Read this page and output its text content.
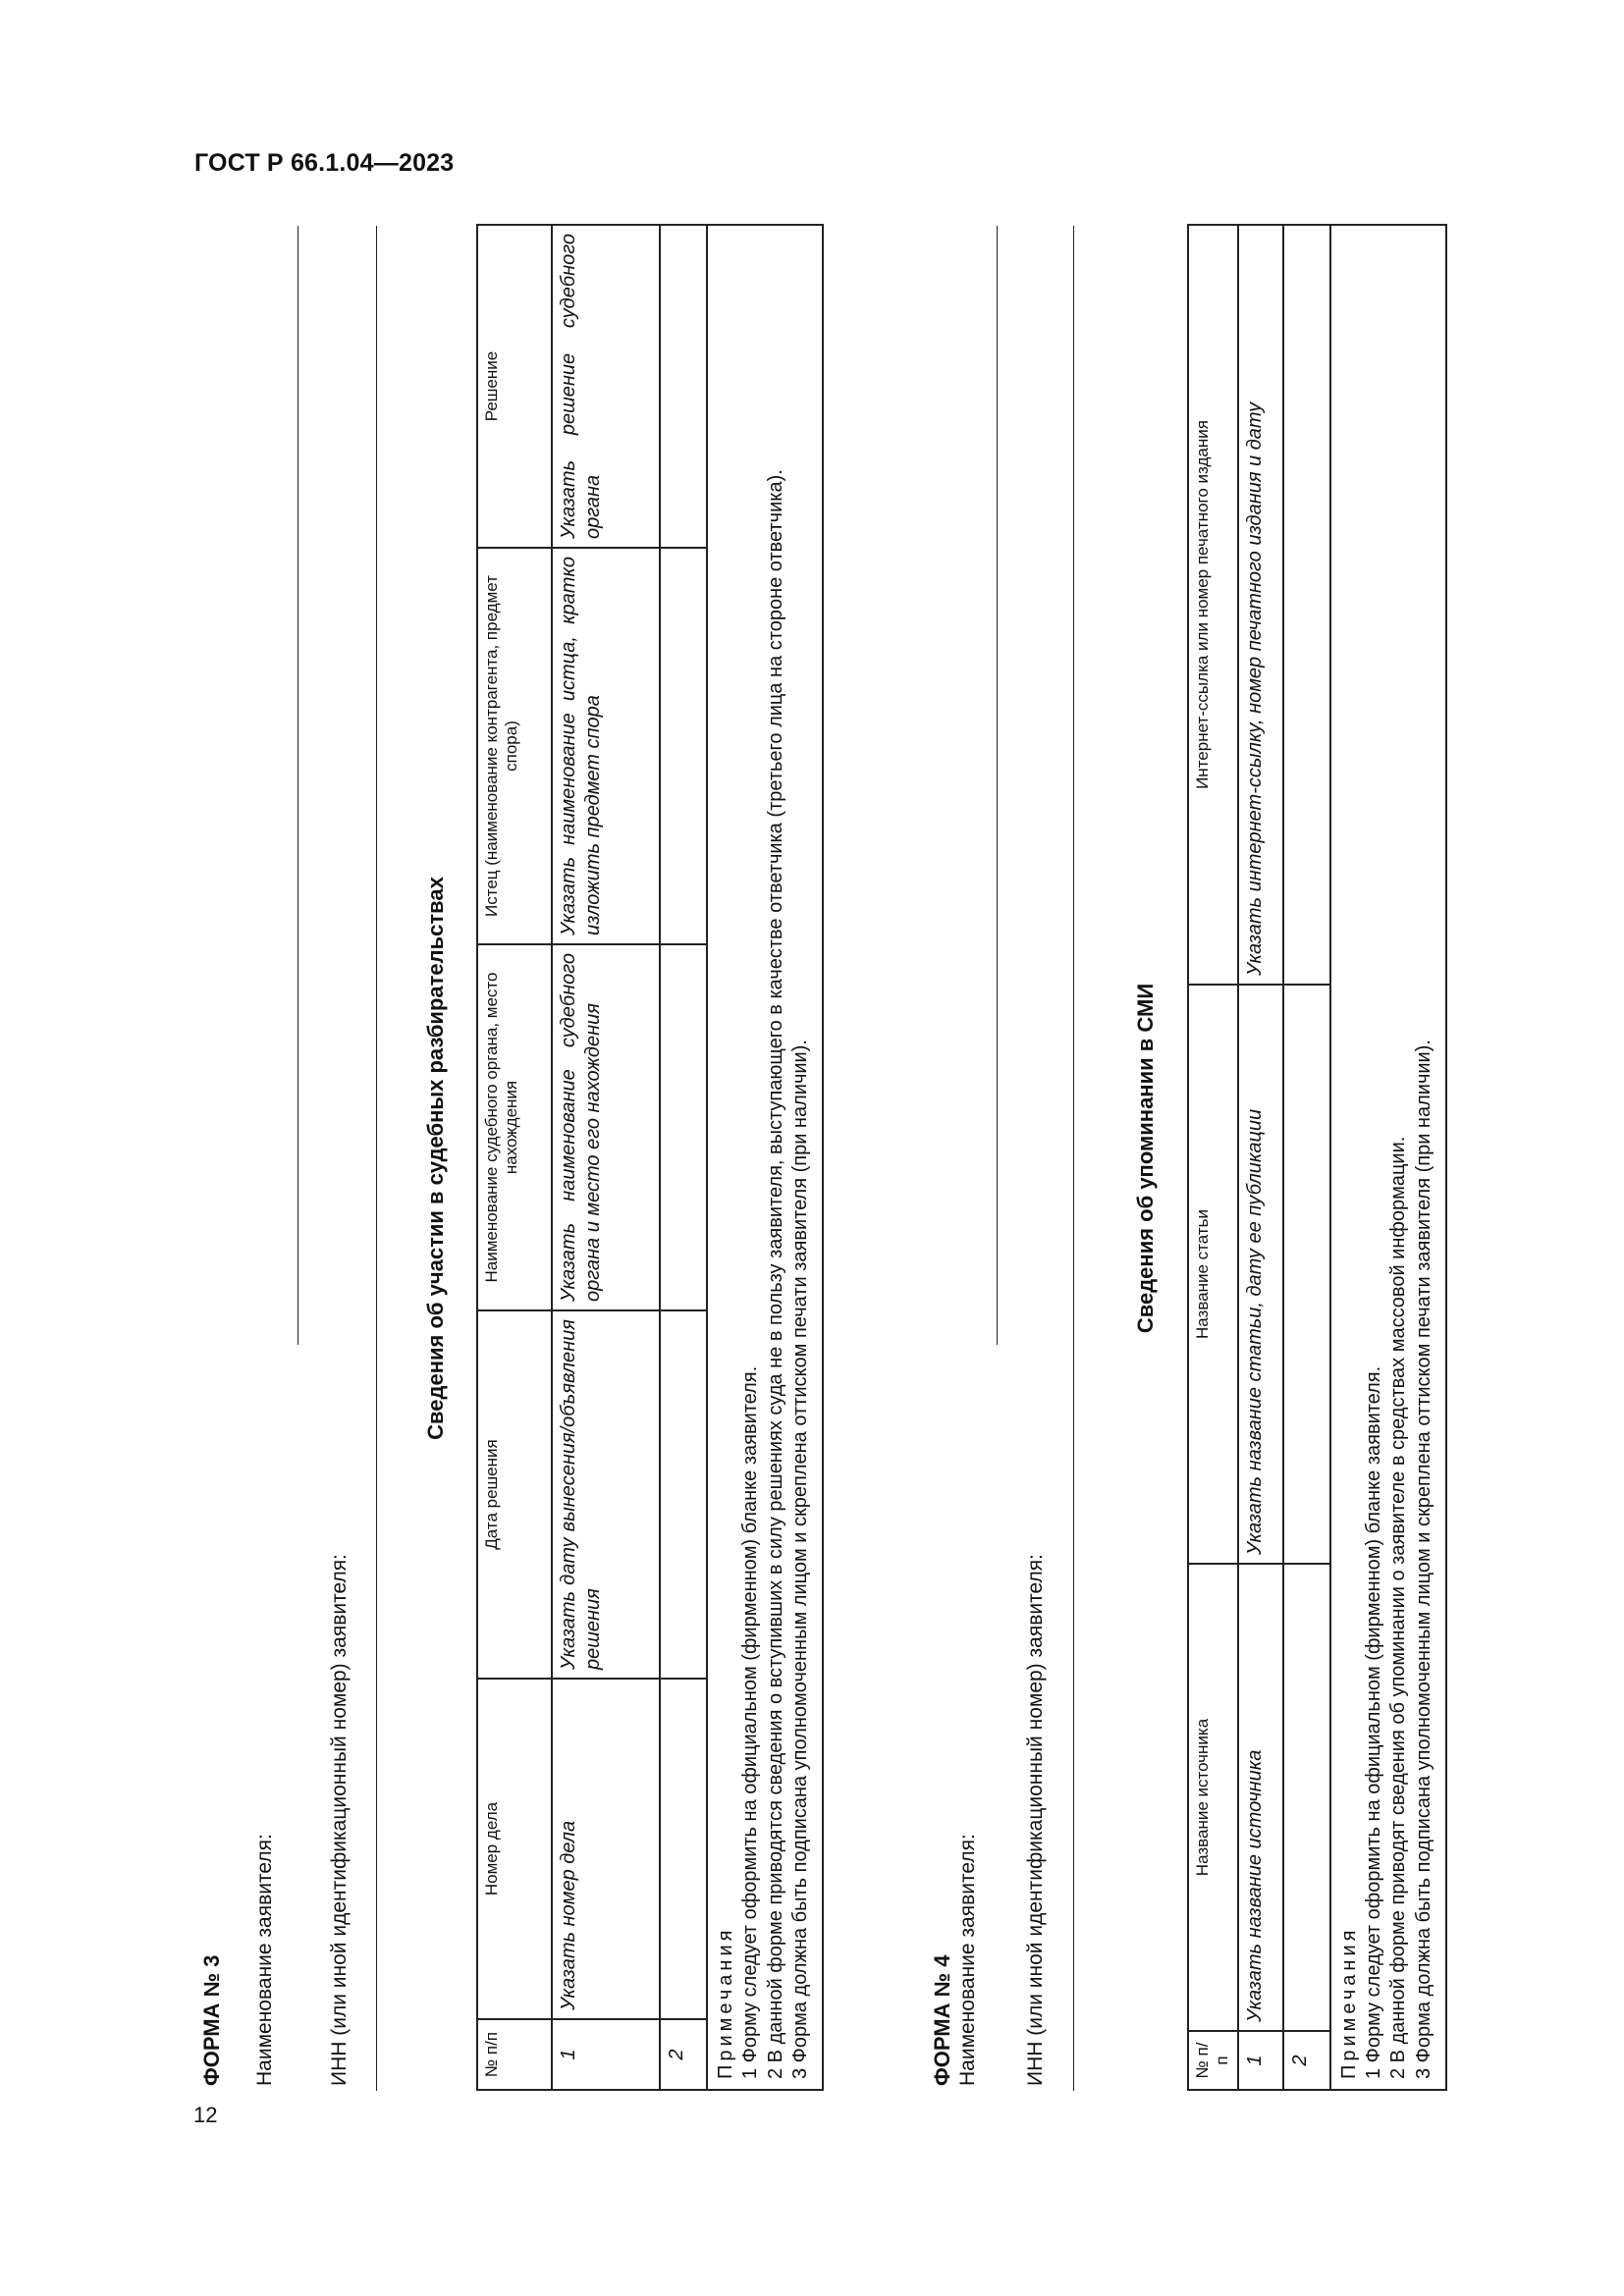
ГОСТ Р 66.1.04—2023
12
ФОРМА № 3 Наименование заявителя:	ИНН (или иной идентификационный номер) заявителя:
Сведения об участии в судебных разбирательствах
№ п/п	Номер дела	Дата решения	Наименование судебного органа, место нахождения	Истец (наименование контрагента, предмет спора)	Решение
1	Указать номер дела	Указать дату вынесения/объявления решения	Указать наименование судебного органа и место его нахождения	Указать наименование истца, кратко изложить предмет спора	Указать решение судебного органа
2					

Примечания 1 Форму следует оформить на официальном (фирменном) бланке заявителя. 2 В данной форме приводятся сведения о вступивших в силу решениях суда не в пользу заявителя, выступающего в качестве ответчика (третьего лица на стороне ответчика). 3 Форма должна быть подписана уполномоченным лицом и скреплена оттиском печати заявителя (при наличии).						ФОРМА № 4 Наименование заявителя: ИНН (или иной идентификационный номер) заявителя:
Сведения об упоминании в СМИ
№ п/п	Название источника	Название статьи	Интернет-ссылка или номер печатного издания
1	Указать название источника	Указать название статьи, дату ее публикации	Указать интернет-ссылку, номер печатного издания и дату
2			

Примечания 1 Форму следует оформить на официальном (фирменном) бланке заявителя. 2 В данной форме приводят сведения об упоминании о заявителе в средствах массовой информации. 3 Форма должна быть подписана уполномоченным лицом и скреплена оттиском печати заявителя (при наличии).			
